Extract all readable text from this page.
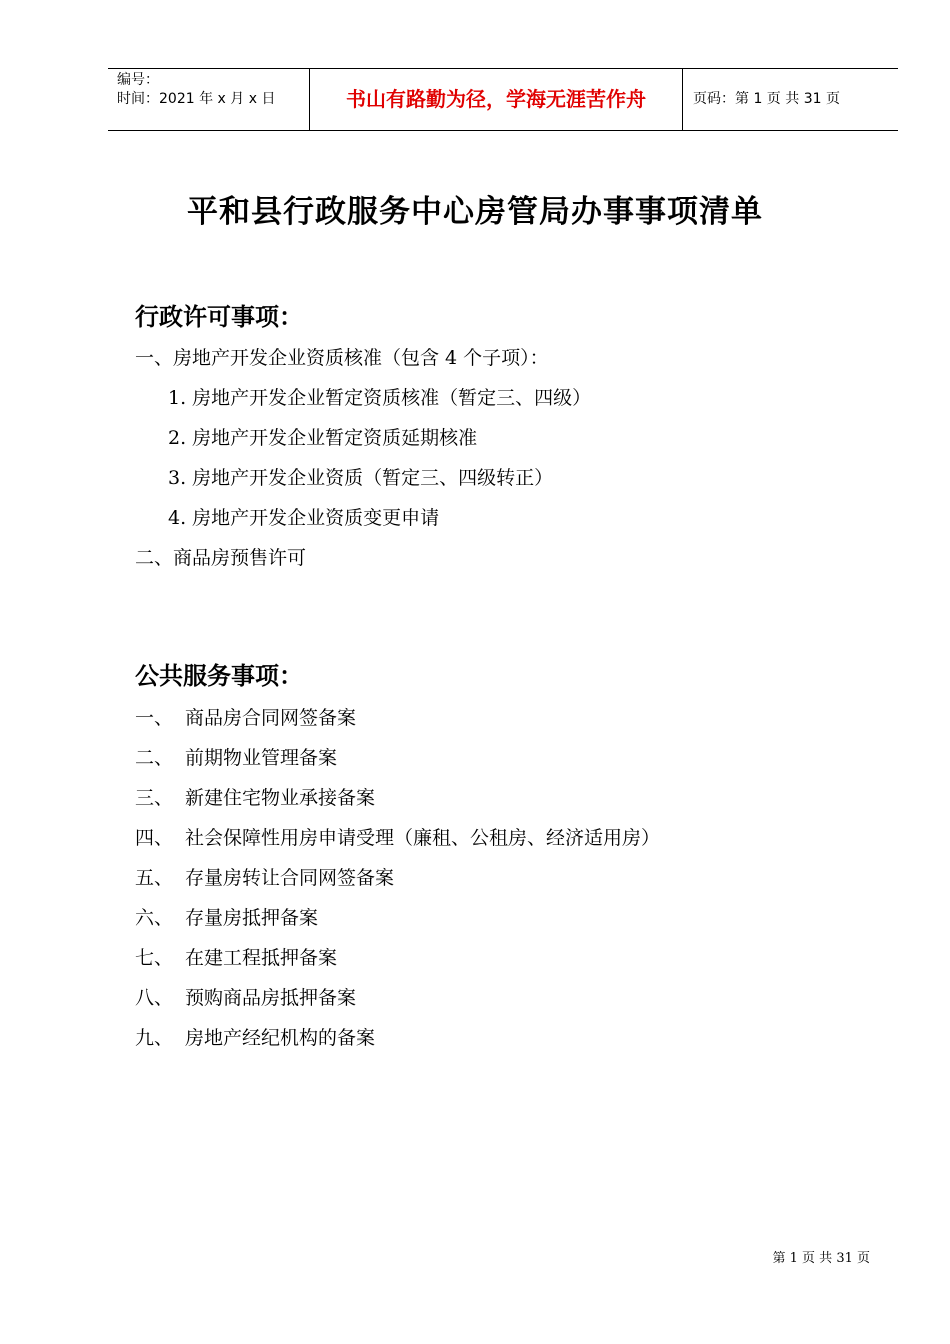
编号：
时间：2021 年 x 月 x 日	书山有路勤为径，学海无涯苦作舟	页码：第 1 页 共 31 页
平和县行政服务中心房管局办事事项清单
行政许可事项：
一、房地产开发企业资质核准（包含 4 个子项）：
1. 房地产开发企业暂定资质核准（暂定三、四级）
2. 房地产开发企业暂定资质延期核准
3. 房地产开发企业资质（暂定三、四级转正）
4. 房地产开发企业资质变更申请
二、商品房预售许可
公共服务事项：
一、 商品房合同网签备案
二、 前期物业管理备案
三、 新建住宅物业承接备案
四、 社会保障性用房申请受理（廉租、公租房、经济适用房）
五、 存量房转让合同网签备案
六、 存量房抵押备案
七、 在建工程抵押备案
八、 预购商品房抵押备案
九、 房地产经纪机构的备案
第 1 页 共 31 页
